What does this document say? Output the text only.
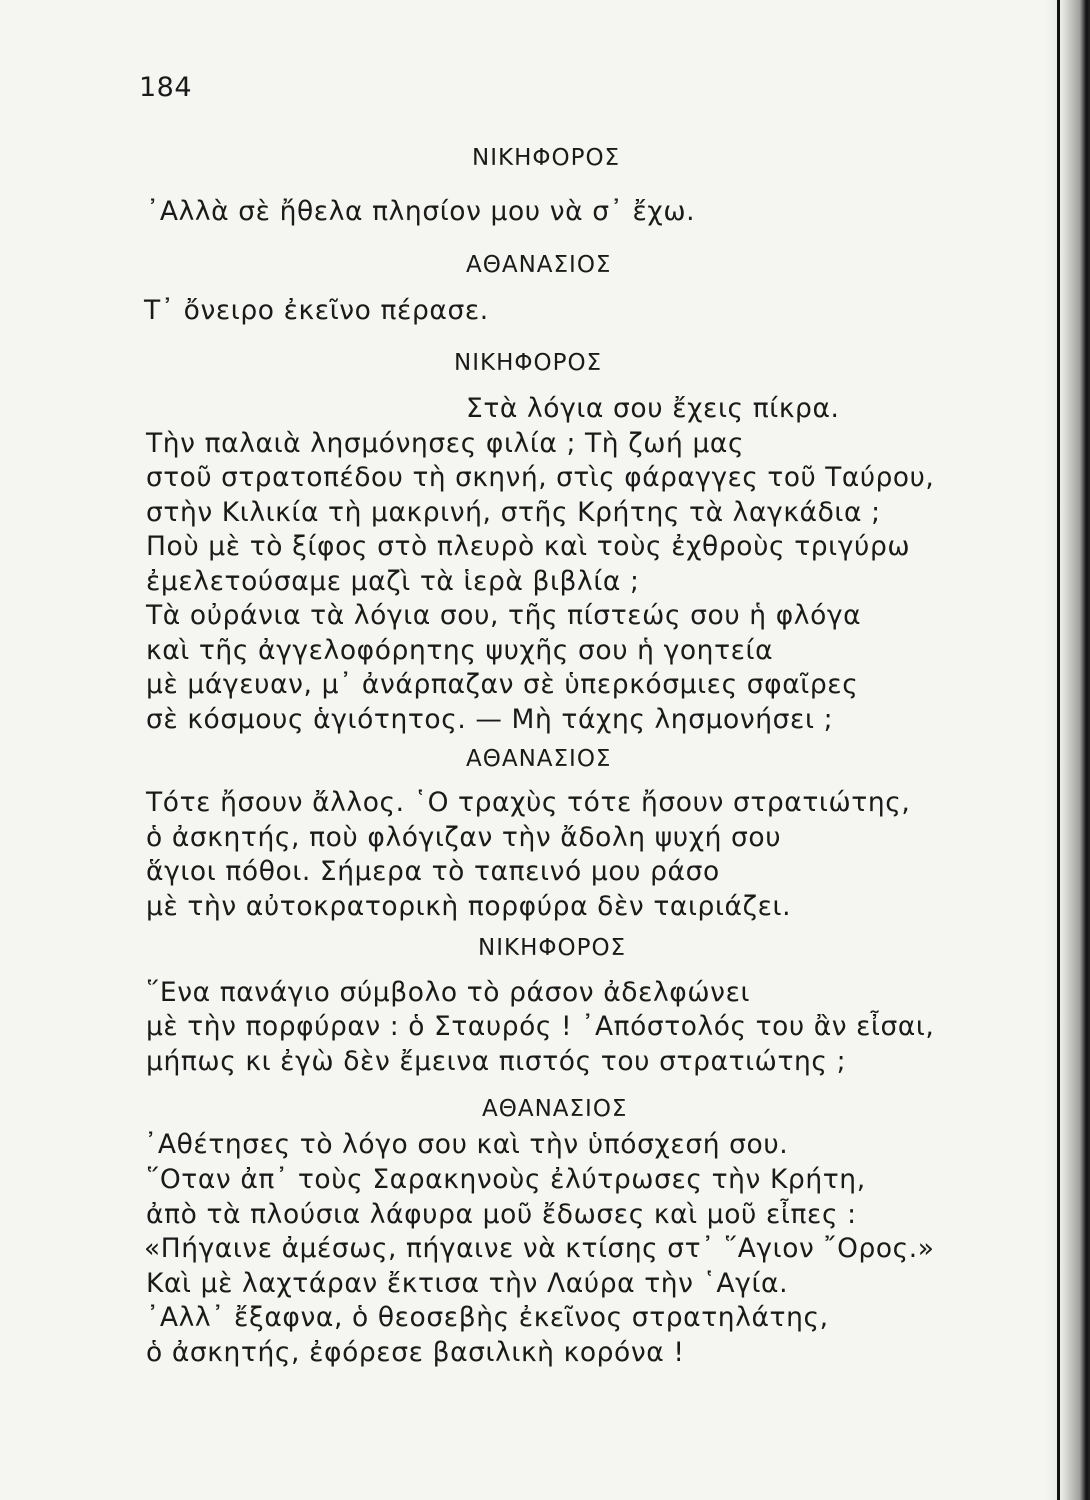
184
ΝΙΚΗΦΟΡΟΣ
᾿Αλλὰ σὲ ἤθελα πλησίον μου νὰ σ᾿ ἔχω.
ΑΘΑΝΑΣΙΟΣ
Τ᾿ ὄνειρο ἐκεῖνο πέρασε.
ΝΙΚΗΦΟΡΟΣ
Στὰ λόγια σου ἔχεις πίκρα.
Τὴν παλαιὰ λησμόνησες φιλία ; Τὴ ζωή μας
στοῦ στρατοπέδου τὴ σκηνή, στὶς φάραγγες τοῦ Ταύρου,
στὴν Κιλικία τὴ μακρινή, στῆς Κρήτης τὰ λαγκάδια ;
Ποὺ μὲ τὸ ξίφος στὸ πλευρὸ καὶ τοὺς ἐχθροὺς τριγύρω
ἐμελετούσαμε μαζὶ τὰ ἱερὰ βιβλία ;
Τὰ οὐράνια τὰ λόγια σου, τῆς πίστεώς σου ἡ φλόγα
καὶ τῆς ἀγγελοφόρητης ψυχῆς σου ἡ γοητεία
μὲ μάγευαν, μ᾿ ἀνάρπαζαν σὲ ὑπερκόσμιες σφαῖρες
σὲ κόσμους ἁγιότητος. — Μὴ τάχης λησμονήσει ;
ΑΘΑΝΑΣΙΟΣ
Τότε ἤσουν ἄλλος. ῾Ο τραχὺς τότε ἤσουν στρατιώτης,
ὁ ἀσκητής, ποὺ φλόγιζαν τὴν ἄδολη ψυχή σου
ἅγιοι πόθοι. Σήμερα τὸ ταπεινό μου ράσο
μὲ τὴν αὐτοκρατορικὴ πορφύρα δὲν ταιριάζει.
ΝΙΚΗΦΟΡΟΣ
῞Ενα πανάγιο σύμβολο τὸ ράσον ἀδελφώνει
μὲ τὴν πορφύραν : ὁ Σταυρός ! ᾿Απόστολός του ἂν εἶσαι,
μήπως κι ἐγὼ δὲν ἔμεινα πιστός του στρατιώτης ;
ΑΘΑΝΑΣΙΟΣ
᾿Αθέτησες τὸ λόγο σου καὶ τὴν ὑπόσχεσή σου.
῞Οταν ἀπ᾿ τοὺς Σαρακηνοὺς ἐλύτρωσες τὴν Κρήτη,
ἀπὸ τὰ πλούσια λάφυρα μοῦ ἔδωσες καὶ μοῦ εἶπες :
«Πήγαινε ἀμέσως, πήγαινε νὰ κτίσης στ᾿ ῞Αγιον ῎Ορος.»
Καὶ μὲ λαχτάραν ἔκτισα τὴν Λαύρα τὴν ῾Αγία.
᾿Αλλ᾿ ἔξαφνα, ὁ θεοσεβὴς ἐκεῖνος στρατηλάτης,
ὁ ἀσκητής, ἐφόρεσε βασιλικὴ κορόνα !
